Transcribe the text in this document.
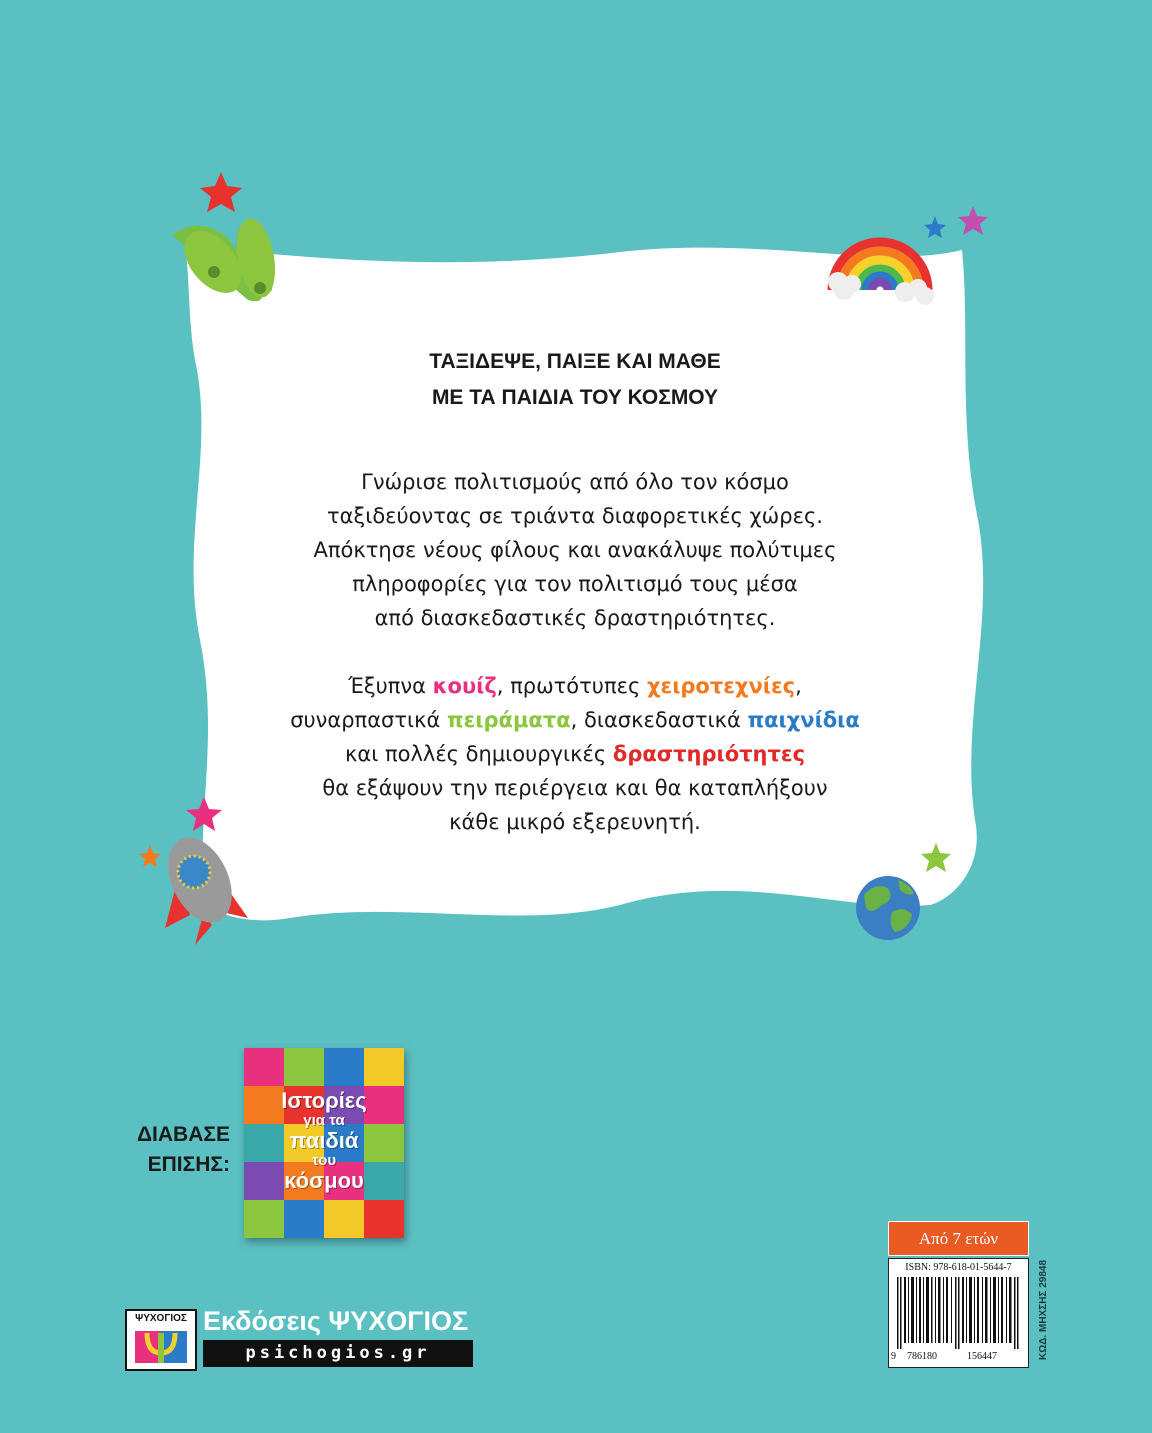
ΤΑΞΙΔΕΨΕ, ΠΑΙΞΕ ΚΑΙ ΜΑΘΕ
ΜΕ ΤΑ ΠΑΙΔΙΑ ΤΟΥ ΚΟΣΜΟΥ
Γνώρισε πολιτισμούς από όλο τον κόσμο
ταξιδεύοντας σε τριάντα διαφορετικές χώρες.
Απόκτησε νέους φίλους και ανακάλυψε πολύτιμες
πληροφορίες για τον πολιτισμό τους μέσα
από διασκεδαστικές δραστηριότητες.
Έξυπνα κουίζ, πρωτότυπες χειροτεχνίες,
συναρπαστικά πειράματα, διασκεδαστικά παιχνίδια
και πολλές δημιουργικές δραστηριότητες
θα εξάψουν την περιέργεια και θα καταπλήξουν
κάθε μικρό εξερευνητή.
ΔΙΑΒΑΣΕ
ΕΠΙΣΗΣ:
Ιστορίες
για τα
παιδιά
του
κόσμου
Από 7 ετών
ISBN: 978-618-01-5644-7
9 786180	156447	ΚΩΔ. ΜΗΧΣΗΣ 29848
ΨΥΧΟΓΙΟΣ Εκδόσεις ΨΥΧΟΓΙΟΣ
psichogios.gr
